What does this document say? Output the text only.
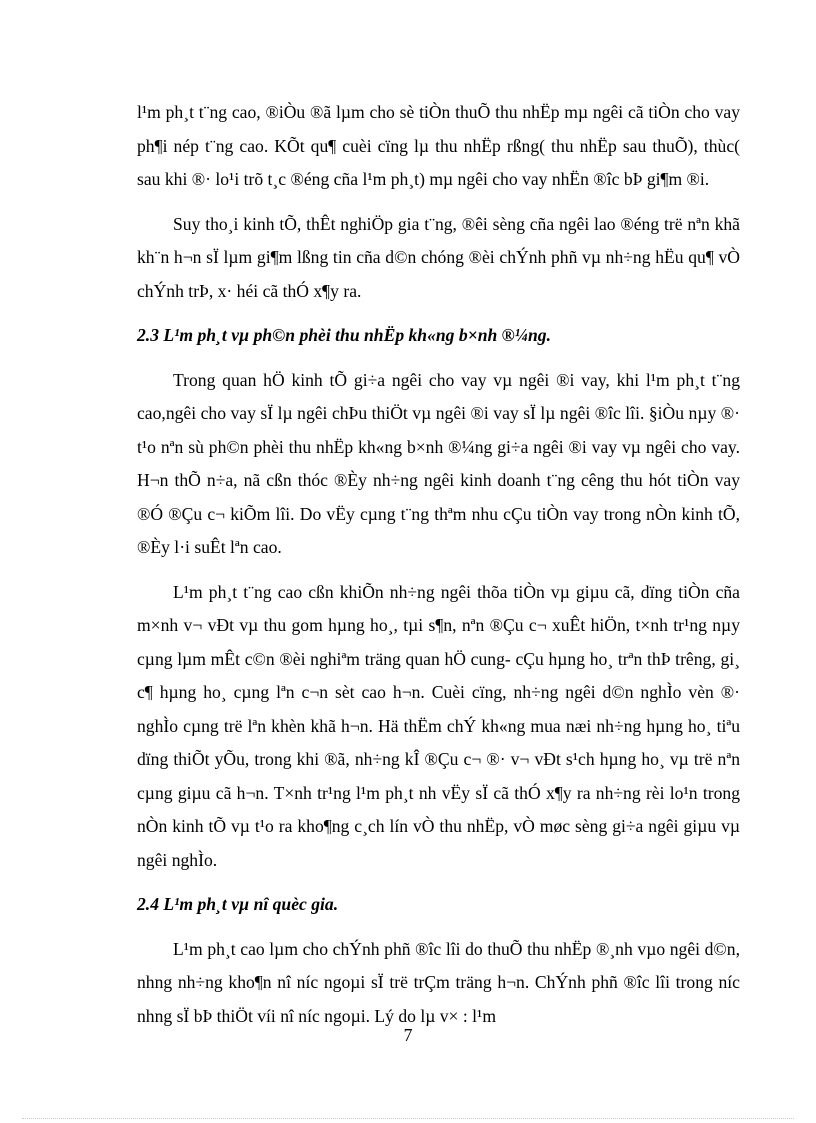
l¹m ph¸t t¨ng cao, ®iÒu ®ã lµm cho sè tiÒn thuÕ thu nhËp mµ ngêi cã tiÒn cho vay ph¶i nép t¨ng cao. KÕt qu¶ cuèi cïng lµ thu nhËp rßng( thu nhËp sau thuÕ), thùc( sau khi ®· lo¹i trõ t¸c ®éng cña l¹m ph¸t) mµ ngêi cho vay nhËn ®îc bÞ gi¶m ®i.

Suy tho¸i kinh tÕ, thÊt nghiÖp gia t¨ng, ®êi sèng cña ngêi lao ®éng trë nªn khã kh¨n h¬n sÏ lµm gi¶m lßng tin cña d©n chóng ®èi chÝnh phñ vµ nh÷ng hËu qu¶ vÒ chÝnh trÞ, x· héi cã thÓ x¶y ra.

2.3 L¹m ph¸t vµ ph©n phèi thu nhËp kh«ng b×nh ®¼ng.

Trong quan hÖ kinh tÕ gi÷a ngêi cho vay vµ ngêi ®i vay, khi l¹m ph¸t t¨ng cao,ngêi cho vay sÏ lµ ngêi chÞu thiÖt vµ ngêi ®i vay sÏ lµ ngêi ®îc lîi. §iÒu nµy ®· t¹o nªn sù ph©n phèi thu nhËp kh«ng b×nh ®¼ng gi÷a ngêi ®i vay vµ ngêi cho vay. H¬n thÕ n÷a, nã cßn thóc ®Èy nh÷ng ngêi kinh doanh t¨ng cêng thu hót tiÒn vay ®Ó ®Çu c¬ kiÕm lîi. Do vËy cµng t¨ng thªm nhu cÇu tiÒn vay trong nÒn kinh tÕ, ®Èy l·i suÊt lªn cao.

L¹m ph¸t t¨ng cao cßn khiÕn nh÷ng ngêi thõa tiÒn vµ giµu cã, dïng tiÒn cña m×nh v¬ vÐt vµ thu gom hµng ho¸, tµi s¶n, nªn ®Çu c¬ xuÊt hiÖn, t×nh tr¹ng nµy cµng lµm mÊt c©n ®èi nghiªm träng quan hÖ cung- cÇu hµng ho¸ trªn thÞ trêng, gi¸ c¶ hµng ho¸ cµng lªn c¬n sèt cao h¬n. Cuèi cïng, nh÷ng ngêi d©n nghÌo vèn ®· nghÌo cµng trë lªn khèn khã h¬n. Hä thËm chÝ kh«ng mua næi nh÷ng hµng ho¸ tiªu dïng thiÕt yÕu, trong khi ®ã, nh÷ng kÎ ®Çu c¬ ®· v¬ vÐt s¹ch hµng ho¸ vµ trë nªn cµng giµu cã h¬n. T×nh tr¹ng l¹m ph¸t nh vËy sÏ cã thÓ x¶y ra nh÷ng rèi lo¹n trong nÒn kinh tÕ vµ t¹o ra kho¶ng c¸ch lín vÒ thu nhËp, vÒ møc sèng gi÷a ngêi giµu vµ ngêi nghÌo.

2.4 L¹m ph¸t vµ nî quèc gia.

L¹m ph¸t cao lµm cho chÝnh phñ ®îc lîi do thuÕ thu nhËp ®¸nh vµo ngêi d©n, nhng nh÷ng kho¶n nî níc ngoµi sÏ trë trÇm träng h¬n. ChÝnh phñ ®îc lîi trong níc nhng sÏ bÞ thiÖt víi nî níc ngoµi. Lý do lµ v× : l¹m

7
